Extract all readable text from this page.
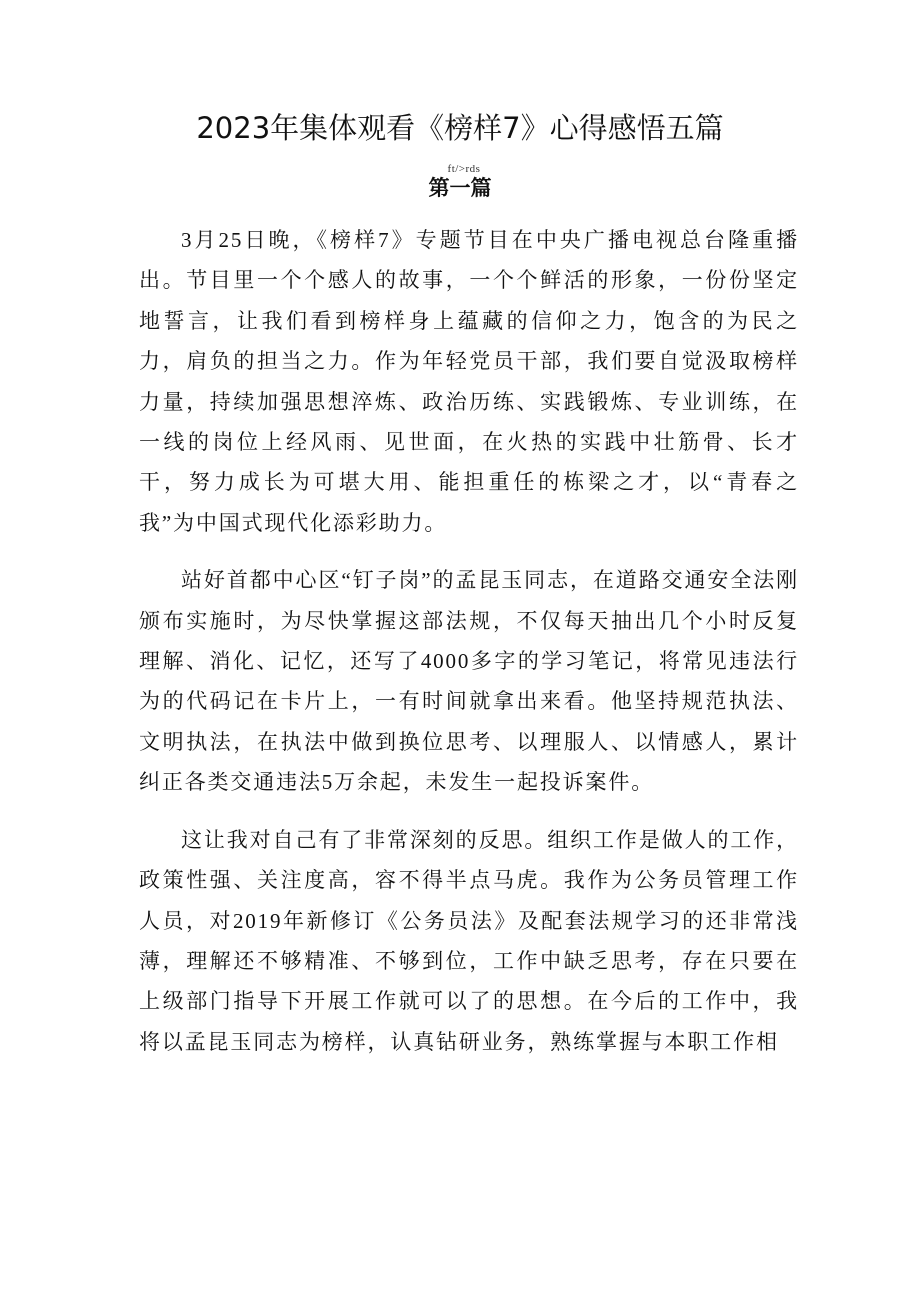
2023年集体观看《榜样7》心得感悟五篇
ft/>rds
第一篇

3月25日晚，《榜样7》专题节目在中央广播电视总台隆重播出。节目里一个个感人的故事，一个个鲜活的形象，一份份坚定地誓言，让我们看到榜样身上蕴藏的信仰之力，饱含的为民之力，肩负的担当之力。作为年轻党员干部，我们要自觉汲取榜样力量，持续加强思想淬炼、政治历练、实践锻炼、专业训练，在一线的岗位上经风雨、见世面，在火热的实践中壮筋骨、长才干，努力成长为可堪大用、能担重任的栋梁之才，以“青春之我”为中国式现代化添彩助力。

站好首都中心区“钉子岗”的孟昆玉同志，在道路交通安全法刚颁布实施时，为尽快掌握这部法规，不仅每天抽出几个小时反复理解、消化、记忆，还写了4000多字的学习笔记，将常见违法行为的代码记在卡片上，一有时间就拿出来看。他坚持规范执法、文明执法，在执法中做到换位思考、以理服人、以情感人，累计纠正各类交通违法5万余起，未发生一起投诉案件。

这让我对自己有了非常深刻的反思。组织工作是做人的工作，政策性强、关注度高，容不得半点马虎。我作为公务员管理工作人员，对2019年新修订《公务员法》及配套法规学习的还非常浅薄，理解还不够精准、不够到位，工作中缺乏思考，存在只要在上级部门指导下开展工作就可以了的思想。在今后的工作中，我将以孟昆玉同志为榜样，认真钻研业务，熟练掌握与本职工作相
